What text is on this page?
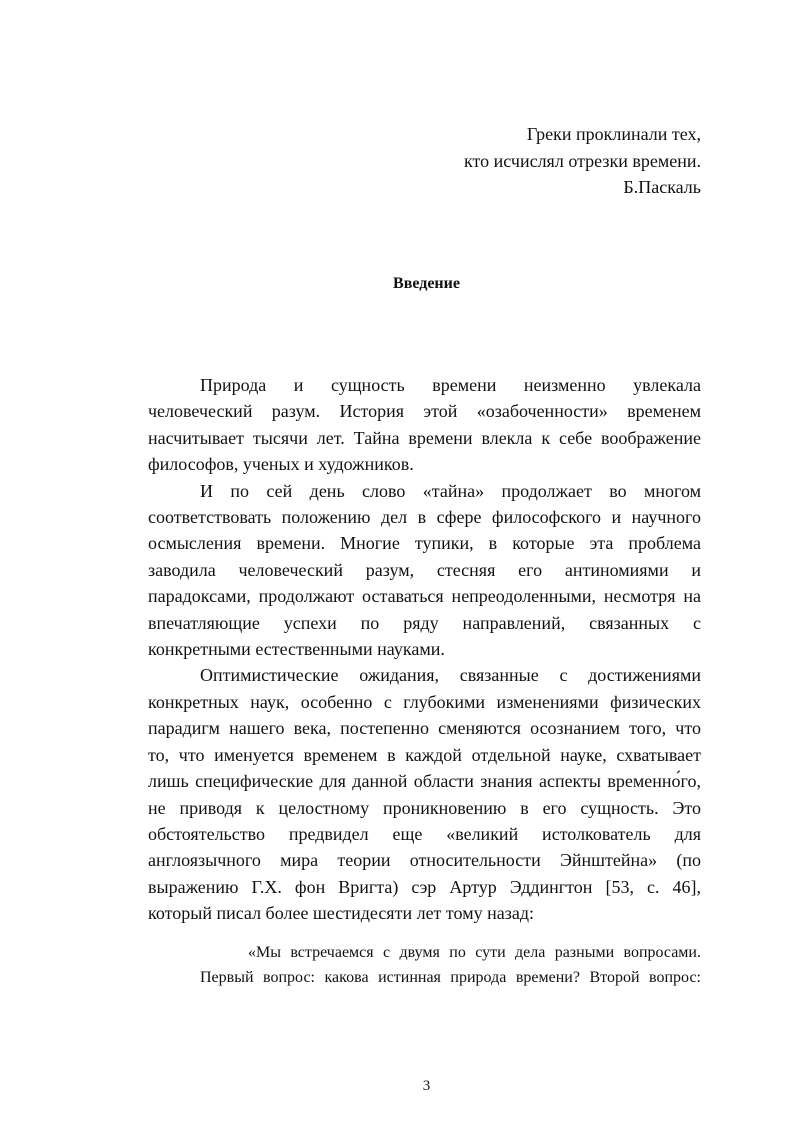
Греки проклинали тех,
кто исчислял отрезки времени.
Б.Паскаль
Введение
Природа и сущность времени неизменно увлекала
человеческий разум. История этой «озабоченности» временем
насчитывает тысячи лет. Тайна времени влекла к себе воображение
философов, ученых и художников.
И по сей день слово «тайна» продолжает во многом
соответствовать положению дел в сфере философского и научного
осмысления времени. Многие тупики, в которые эта проблема
заводила человеческий разум, стесняя его антиномиями и
парадоксами, продолжают оставаться непреодоленными, несмотря на
впечатляющие успехи по ряду направлений, связанных с
конкретными естественными науками.
Оптимистические ожидания, связанные с достижениями
конкретных наук, особенно с глубокими изменениями физических
парадигм нашего века, постепенно сменяются осознанием того, что
то, что именуется временем в каждой отдельной науке, схватывает
лишь специфические для данной области знания аспекты временно́го,
не приводя к целостному проникновению в его сущность. Это
обстоятельство предвидел еще «великий истолкователь для
англоязычного мира теории относительности Эйнштейна» (по
выражению Г.Х. фон Вригта) сэр Артур Эддингтон [53, с. 46],
который писал более шестидесяти лет тому назад:
«Мы встречаемся с двумя по сути дела разными вопросами.
Первый вопрос: какова истинная природа времени? Второй вопрос:
3
